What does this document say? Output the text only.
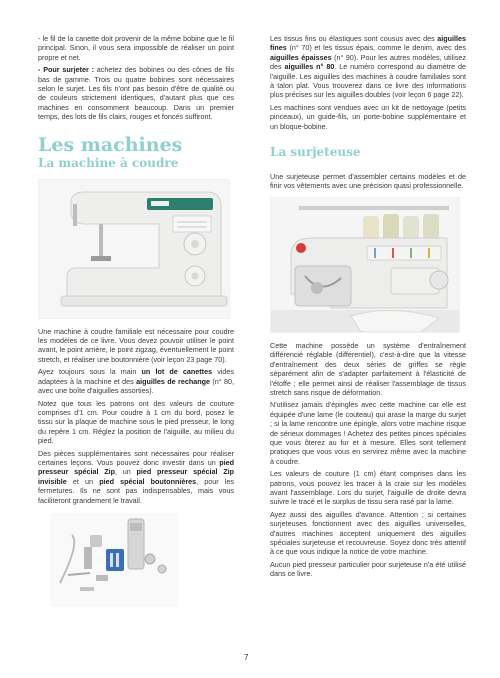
- le fil de la canette doit provenir de la même bobine que le fil principal. Sinon, il vous sera impossible de réaliser un point propre et net.

- Pour surjeter : achetez des bobines ou des cônes de fils bas de gamme. Trois ou quatre bobines sont nécessaires selon le surjet. Les fils n'ont pas besoin d'être de qualité ou de couleurs strictement identiques, d'autant plus que ces machines en consomment beaucoup. Dans un premier temps, des lots de fils clairs, rouges et foncés suffiront.

Les machines
La machine à coudre

Une machine à coudre familiale est nécessaire pour coudre les modèles de ce livre. Vous devez pouvoir utiliser le point avant, le point arrière, le point zigzag, éventuellement le point stretch, et réaliser une boutonnière (voir leçon 23 page 70).

Ayez toujours sous la main un lot de canettes vides adaptées à la machine et des aiguilles de rechange (n° 80, avec une boîte d'aiguilles assorties).

Notez que tous les patrons ont des valeurs de couture comprises d'1 cm. Pour coudre à 1 cm du bord, posez le tissu sur la plaque de machine sous le pied presseur, le long du repère 1 cm. Réglez la position de l'aiguille, au milieu du pied.

Des pièces supplémentaires sont nécessaires pour réaliser certaines leçons. Vous pouvez donc investir dans un pied presseur spécial Zip, un pied presseur spécial Zip invisible et un pied spécial boutonnières, pour les fermetures. Ils ne sont pas indispensables, mais vous faciliteront grandement le travail.

Les tissus fins ou élastiques sont cousus avec des aiguilles fines (n° 70) et les tissus épais, comme le denim, avec des aiguilles épaisses (n° 90). Pour les autres modèles, utilisez des aiguilles n° 80. Le numéro correspond au diamètre de l'aiguille. Les aiguilles des machines à coudre familiales sont à talon plat. Vous trouverez dans ce livre des informations plus précises sur les aiguilles doubles (voir leçon 6 page 22).

Les machines sont vendues avec un kit de nettoyage (petits pinceaux), un guide-fils, un porte-bobine supplémentaire et un bloque-bobine.

La surjeteuse

Une surjeteuse permet d'assembler certains modèles et de finir vos vêtements avec une précision quasi professionnelle.

Cette machine possède un système d'entraînement différencié réglable (différentiel), c'est-à-dire que la vitesse d'entraînement des deux séries de griffes se règle séparément afin de s'adapter parfaitement à l'élasticité de l'étoffe ; elle permet ainsi de réaliser l'assemblage de tissus stretch sans risque de déformation.

N'utilisez jamais d'épingles avec cette machine car elle est équipée d'une lame (le couteau) qui arase la marge du surjet ; si la lame rencontre une épingle, alors votre machine risque de sérieux dommages ! Achetez des petites pinces spéciales que vous ôterez au fur et à mesure. Elles sont tellement pratiques que vous vous en servirez même avec la machine à coudre.

Les valeurs de couture (1 cm) étant comprises dans les patrons, vous pouvez les tracer à la craie sur les modèles avant l'assemblage. Lors du surjet, l'aiguille de droite devra suivre le tracé et le surplus de tissu sera rasé par la lame.

Ayez aussi des aiguilles d'avance. Attention ; si certaines surjeteuses fonctionnent avec des aiguilles universelles, d'autres machines acceptent uniquement des aiguilles spéciales surjeteuse et recouvreuse. Soyez donc très attentif à ce que vous indique la notice de votre machine.

Aucun pied presseur particulier pour surjeteuse n'a été utilisé dans ce livre.

7
